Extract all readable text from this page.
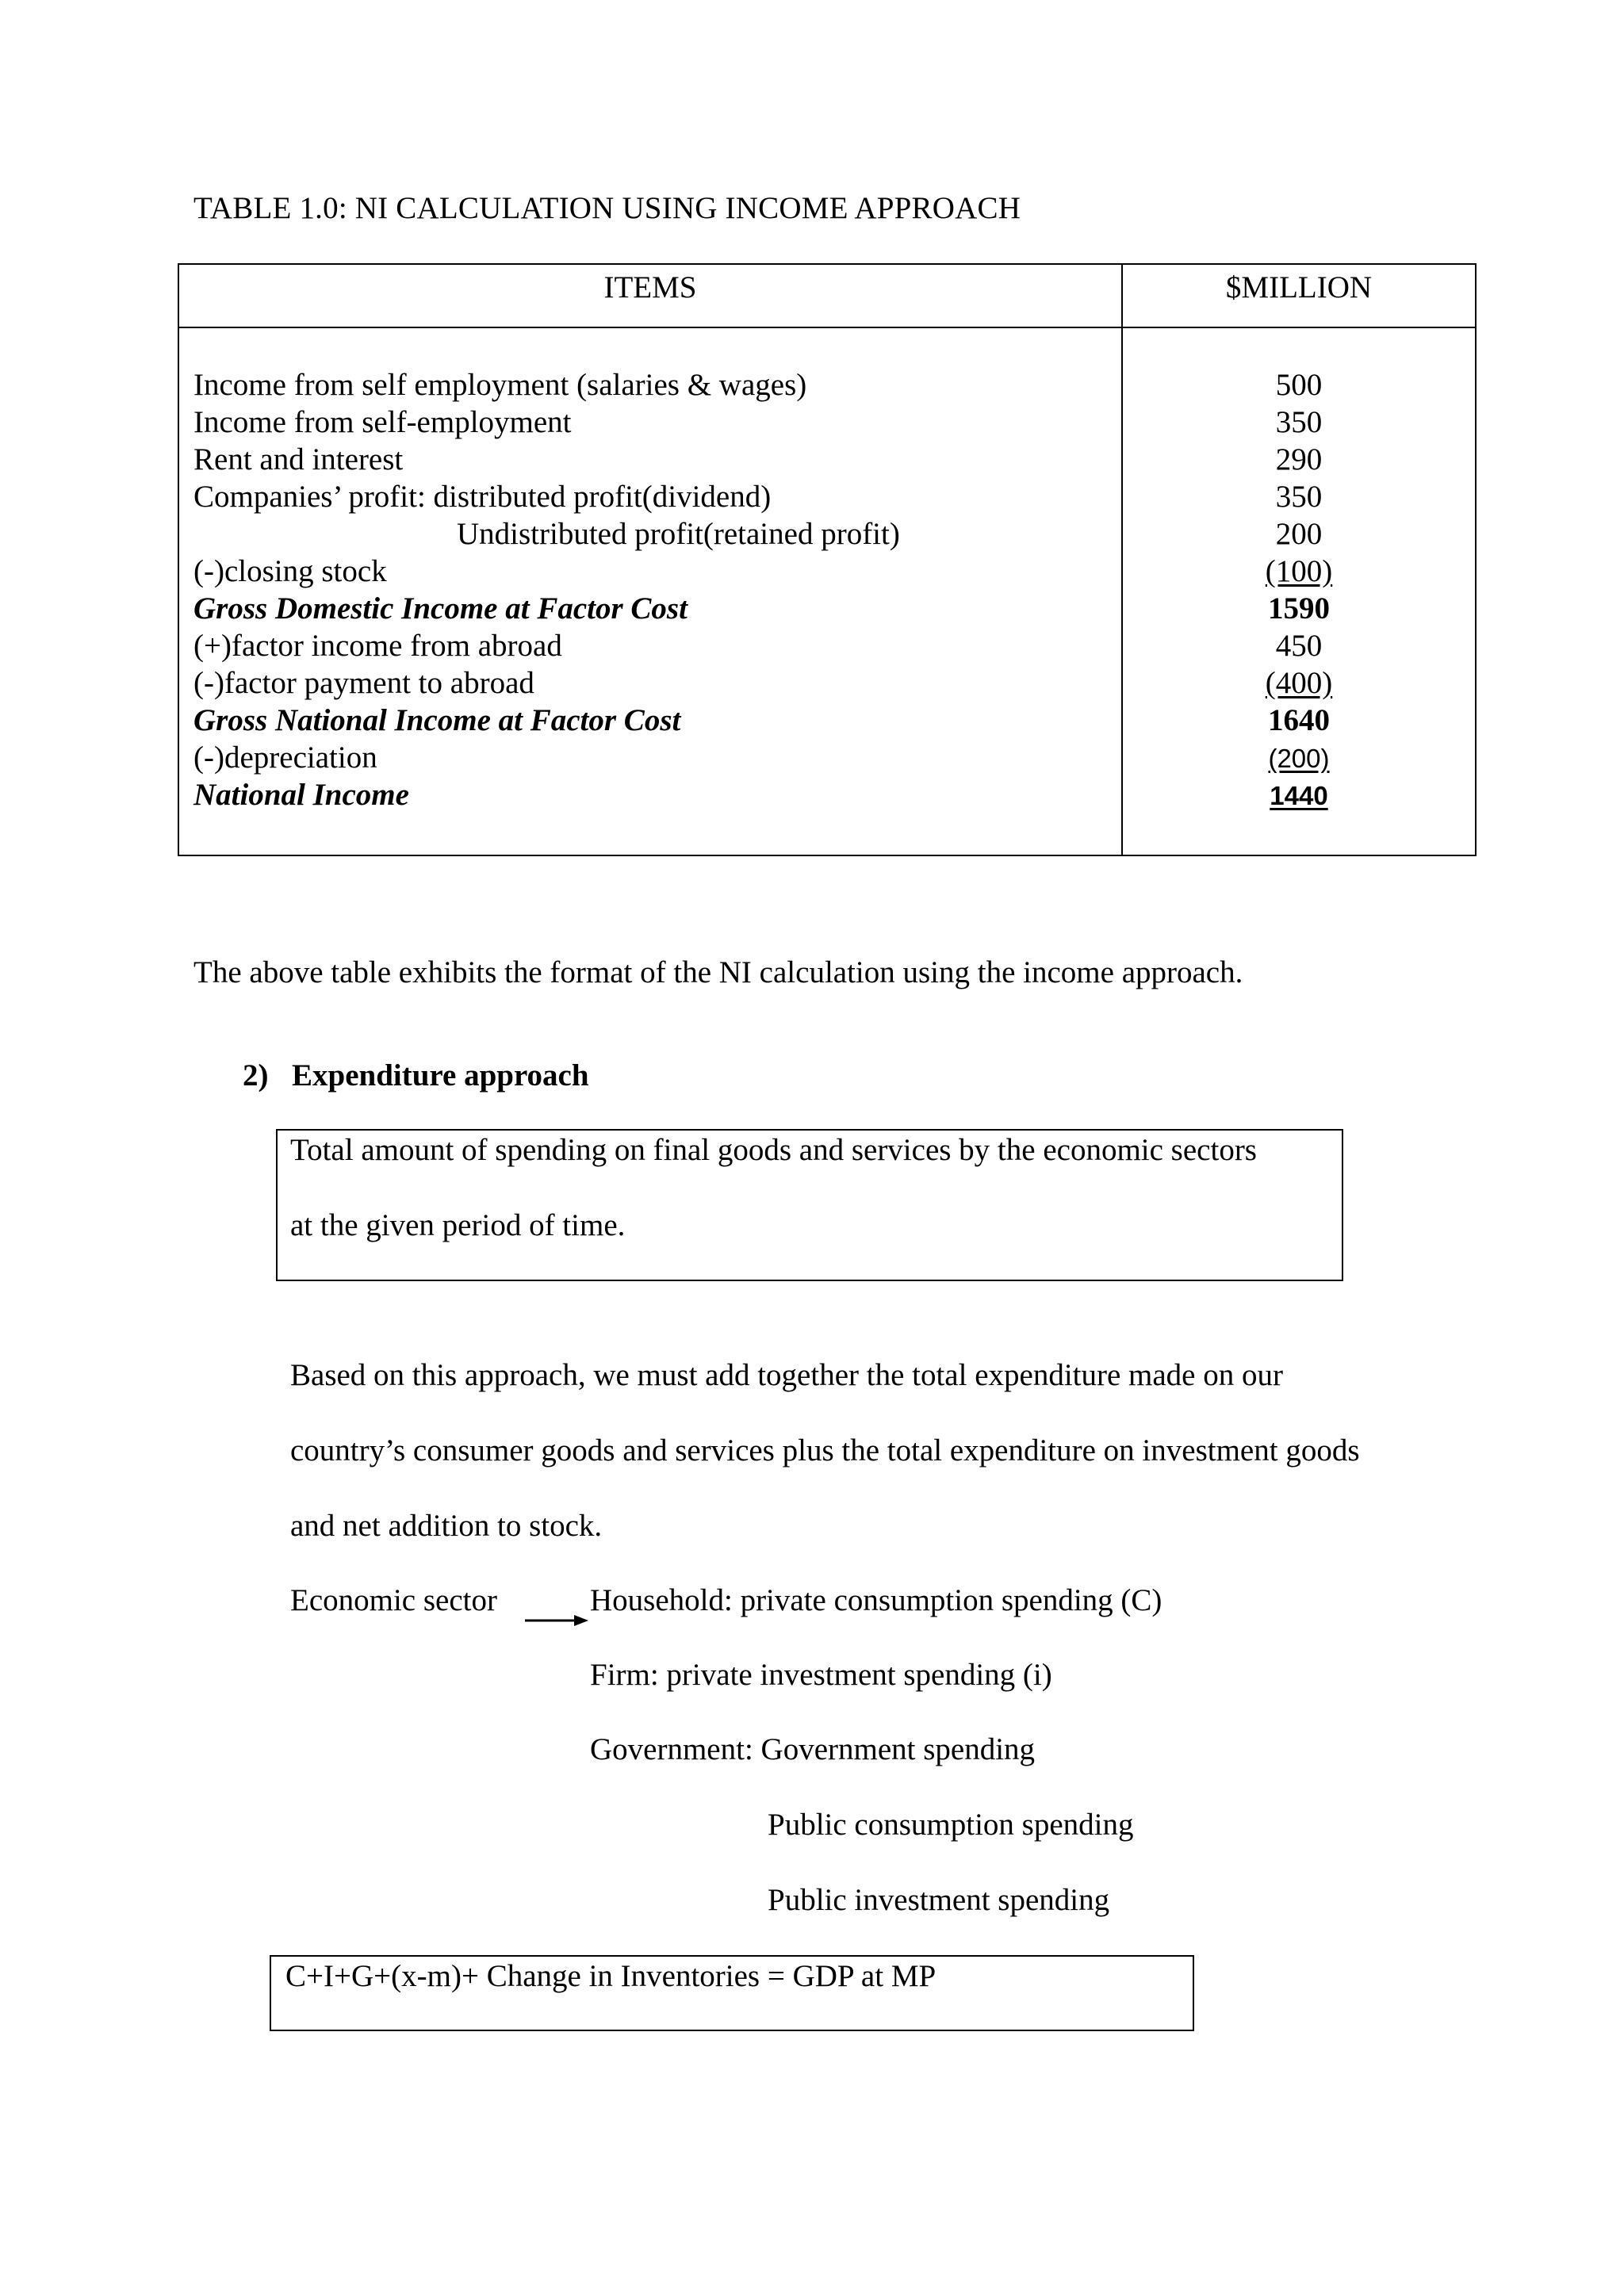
TABLE 1.0: NI CALCULATION USING INCOME APPROACH
ITEMS	$MILLION
Income from self employment (salaries & wages)	500
Income from self-employment	350
Rent and interest	290
Companies’ profit: distributed profit(dividend)	350
Undistributed profit(retained profit)	200
(-)closing stock	(100)
Gross Domestic Income at Factor Cost	1590
(+)factor income from abroad	450
(-)factor payment to abroad	(400)
Gross National Income at Factor Cost	1640
(-)depreciation	(200)
National Income	1440
The above table exhibits the format of the NI calculation using the income approach.
2) Expenditure approach
Total amount of spending on final goods and services by the economic sectors
at the given period of time.
Based on this approach, we must add together the total expenditure made on our
country’s consumer goods and services plus the total expenditure on investment goods
and net addition to stock.
Economic sector	Household: private consumption spending (C)
Firm: private investment spending (i)
Government: Government spending
Public consumption spending
Public investment spending
C+I+G+(x-m)+ Change in Inventories = GDP at MP
